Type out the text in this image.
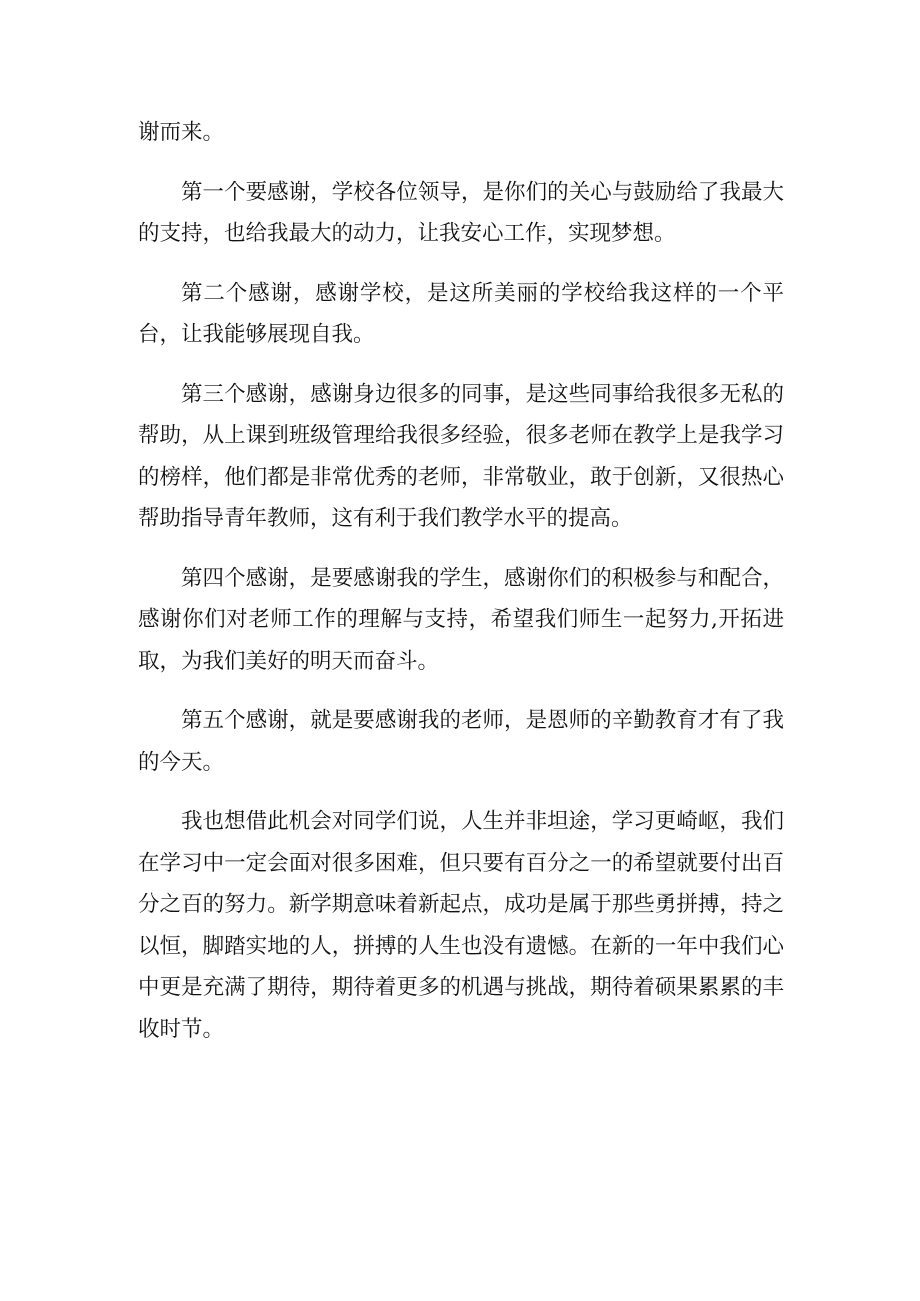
谢而来。

第一个要感谢，学校各位领导，是你们的关心与鼓励给了我最大的支持，也给我最大的动力，让我安心工作，实现梦想。

第二个感谢，感谢学校，是这所美丽的学校给我这样的一个平台，让我能够展现自我。

第三个感谢，感谢身边很多的同事，是这些同事给我很多无私的帮助，从上课到班级管理给我很多经验，很多老师在教学上是我学习的榜样，他们都是非常优秀的老师，非常敬业，敢于创新，又很热心帮助指导青年教师，这有利于我们教学水平的提高。

第四个感谢，是要感谢我的学生，感谢你们的积极参与和配合，感谢你们对老师工作的理解与支持，希望我们师生一起努力,开拓进取，为我们美好的明天而奋斗。

第五个感谢，就是要感谢我的老师，是恩师的辛勤教育才有了我的今天。

我也想借此机会对同学们说，人生并非坦途，学习更崎岖，我们在学习中一定会面对很多困难，但只要有百分之一的希望就要付出百分之百的努力。新学期意味着新起点，成功是属于那些勇拼搏，持之以恒，脚踏实地的人，拼搏的人生也没有遗憾。在新的一年中我们心中更是充满了期待，期待着更多的机遇与挑战，期待着硕果累累的丰收时节。
